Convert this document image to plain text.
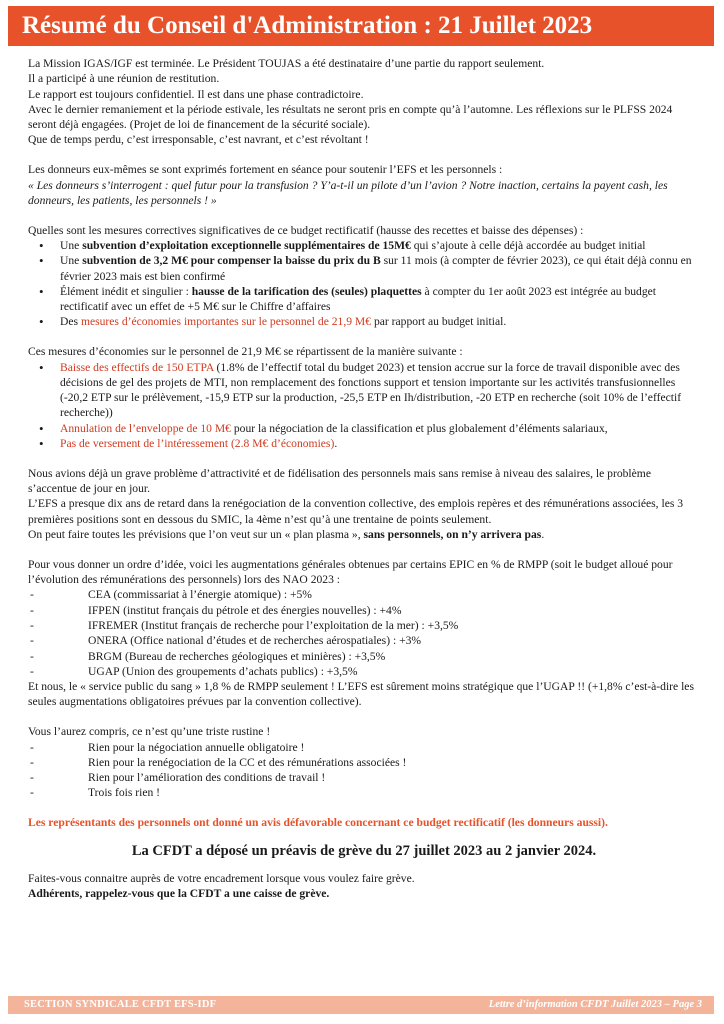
Résumé du Conseil d'Administration : 21 Juillet 2023

La Mission IGAS/IGF est terminée. Le Président TOUJAS a été destinataire d’une partie du rapport seulement.

Il a participé à une réunion de restitution.

Le rapport est toujours confidentiel. Il est dans une phase contradictoire.

Avec le dernier remaniement et la période estivale, les résultats ne seront pris en compte qu’à l’automne. Les réflexions sur le PLFSS 2024 seront déjà engagées. (Projet de loi de financement de la sécurité sociale).

Que de temps perdu, c’est irresponsable, c’est navrant, et c’est révoltant !

Les donneurs eux-mêmes se sont exprimés fortement en séance pour soutenir l’EFS et les personnels :

« Les donneurs s’interrogent : quel futur pour la transfusion ? Y’a-t-il un pilote d’un l’avion ? Notre inaction, certains la payent cash, les donneurs, les patients, les personnels ! »

Quelles sont les mesures correctives significatives de ce budget rectificatif (hausse des recettes et baisse des dépenses) :

• Une subvention d’exploitation exceptionnelle supplémentaires de 15M€ qui s’ajoute à celle déjà accordée au budget initial
• Une subvention de 3,2 M€ pour compenser la baisse du prix du B sur 11 mois (à compter de février 2023), ce qui était déjà connu en février 2023 mais est bien confirmé
• Élément inédit et singulier : hausse de la tarification des (seules) plaquettes à compter du 1er août 2023 est intégrée au budget rectificatif avec un effet de +5 M€ sur le Chiffre d’affaires
• Des mesures d’économies importantes sur le personnel de 21,9 M€ par rapport au budget initial.

Ces mesures d’économies sur le personnel de 21,9 M€ se répartissent de la manière suivante :

• Baisse des effectifs de 150 ETPA (1.8% de l’effectif total du budget 2023) et tension accrue sur la force de travail disponible avec des décisions de gel des projets de MTI, non remplacement des fonctions support et tension importante sur les activités transfusionnelles (-20,2 ETP sur le prélèvement, -15,9 ETP sur la production, -25,5 ETP en Ih/distribution, -20 ETP en recherche (soit 10% de l’effectif recherche))
• Annulation de l’enveloppe de 10 M€ pour la négociation de la classification et plus globalement d’éléments salariaux,
• Pas de versement de l’intéressement (2.8 M€ d’économies).

Nous avions déjà un grave problème d’attractivité et de fidélisation des personnels mais sans remise à niveau des salaires, le problème s’accentue de jour en jour.

L’EFS a presque dix ans de retard dans la renégociation de la convention collective, des emplois repères et des rémunérations associées, les 3 premières positions sont en dessous du SMIC, la 4ème n’est qu’à une trentaine de points seulement.

On peut faire toutes les prévisions que l’on veut sur un « plan plasma », sans personnels, on n’y arrivera pas.

Pour vous donner un ordre d’idée, voici les augmentations générales obtenues par certains EPIC en % de RMPP (soit le budget alloué pour l’évolution des rémunérations des personnels) lors des NAO 2023 :

- CEA (commissariat à l’énergie atomique) : +5%
- IFPEN (institut français du pétrole et des énergies nouvelles) : +4%
- IFREMER (Institut français de recherche pour l’exploitation de la mer) : +3,5%
- ONERA (Office national d’études et de recherches aérospatiales) : +3%
- BRGM (Bureau de recherches géologiques et minières) : +3,5%
- UGAP (Union des groupements d’achats publics) : +3,5%

Et nous, le « service public du sang » 1,8 % de RMPP seulement ! L’EFS est sûrement moins stratégique que l’UGAP !! (+1,8% c’est-à-dire les seules augmentations obligatoires prévues par la convention collective).

Vous l’aurez compris, ce n’est qu’une triste rustine !

- Rien pour la négociation annuelle obligatoire !
- Rien pour la renégociation de la CC et des rémunérations associées !
- Rien pour l’amélioration des conditions de travail !
- Trois fois rien !

Les représentants des personnels ont donné un avis défavorable concernant ce budget rectificatif (les donneurs aussi).

La CFDT a déposé un préavis de grève du 27 juillet 2023 au 2 janvier 2024.

Faites-vous connaitre auprès de votre encadrement lorsque vous voulez faire grève.

Adhérents, rappelez-vous que la CFDT a une caisse de grève.

SECTION SYNDICALE CFDT EFS-IDF	Lettre d’information CFDT Juillet 2023 – Page 3
